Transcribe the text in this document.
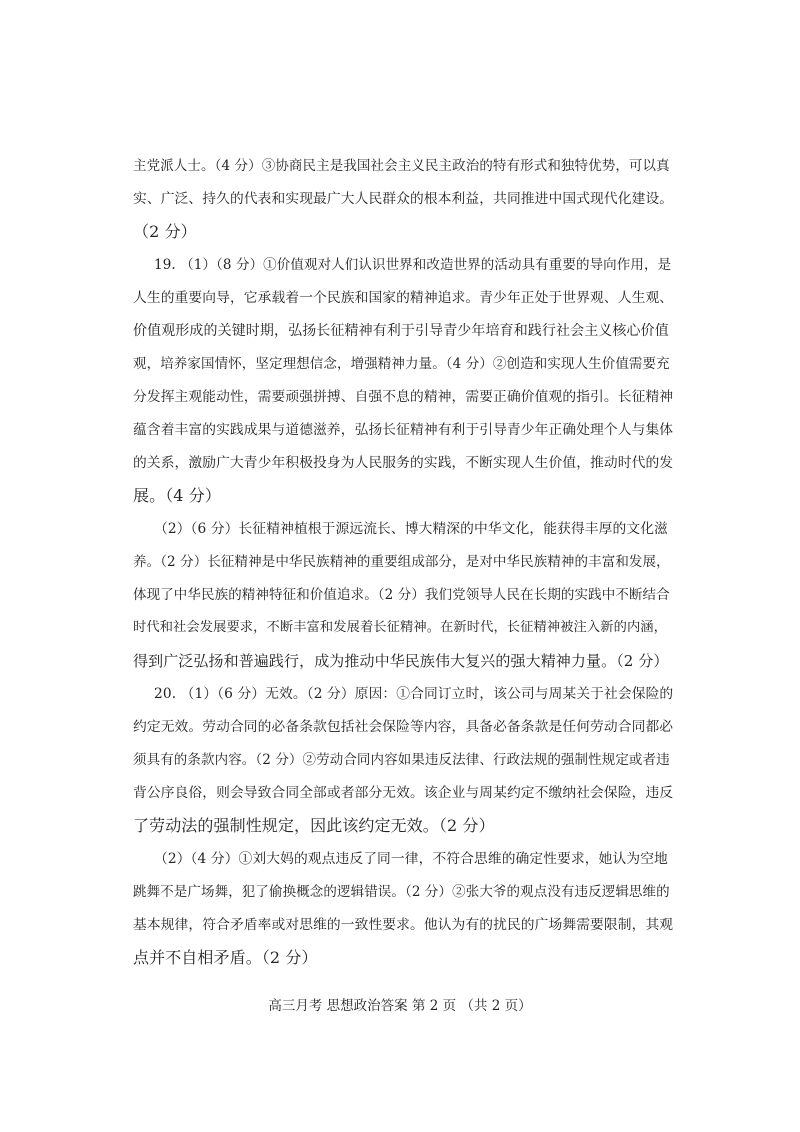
主党派人士。（4 分）③协商民主是我国社会主义民主政治的特有形式和独特优势，可以真
实、广泛、持久的代表和实现最广大人民群众的根本利益，共同推进中国式现代化建设。
（2 分）
19. （1）（8 分）①价值观对人们认识世界和改造世界的活动具有重要的导向作用，是
人生的重要向导，它承载着一个民族和国家的精神追求。青少年正处于世界观、人生观、
价值观形成的关键时期，弘扬长征精神有利于引导青少年培育和践行社会主义核心价值
观，培养家国情怀，坚定理想信念，增强精神力量。（4 分）②创造和实现人生价值需要充
分发挥主观能动性，需要顽强拼搏、自强不息的精神，需要正确价值观的指引。长征精神
蕴含着丰富的实践成果与道德滋养，弘扬长征精神有利于引导青少年正确处理个人与集体
的关系，激励广大青少年积极投身为人民服务的实践，不断实现人生价值，推动时代的发
展。（4 分）
（2）（6 分）长征精神植根于源远流长、博大精深的中华文化，能获得丰厚的文化滋
养。（2 分）长征精神是中华民族精神的重要组成部分，是对中华民族精神的丰富和发展，
体现了中华民族的精神特征和价值追求。（2 分）我们党领导人民在长期的实践中不断结合
时代和社会发展要求，不断丰富和发展着长征精神。在新时代，长征精神被注入新的内涵，
得到广泛弘扬和普遍践行，成为推动中华民族伟大复兴的强大精神力量。（2 分）
20. （1）（6 分）无效。（2 分）原因：①合同订立时，该公司与周某关于社会保险的
约定无效。劳动合同的必备条款包括社会保险等内容，具备必备条款是任何劳动合同都必
须具有的条款内容。（2 分）②劳动合同内容如果违反法律、行政法规的强制性规定或者违
背公序良俗，则会导致合同全部或者部分无效。该企业与周某约定不缴纳社会保险，违反
了劳动法的强制性规定，因此该约定无效。（2 分）
（2）（4 分）①刘大妈的观点违反了同一律，不符合思维的确定性要求，她认为空地
跳舞不是广场舞，犯了偷换概念的逻辑错误。（2 分）②张大爷的观点没有违反逻辑思维的
基本规律，符合矛盾率或对思维的一致性要求。他认为有的扰民的广场舞需要限制，其观
点并不自相矛盾。（2 分）
高三月考 思想政治答案 第 2 页 （共 2 页）
